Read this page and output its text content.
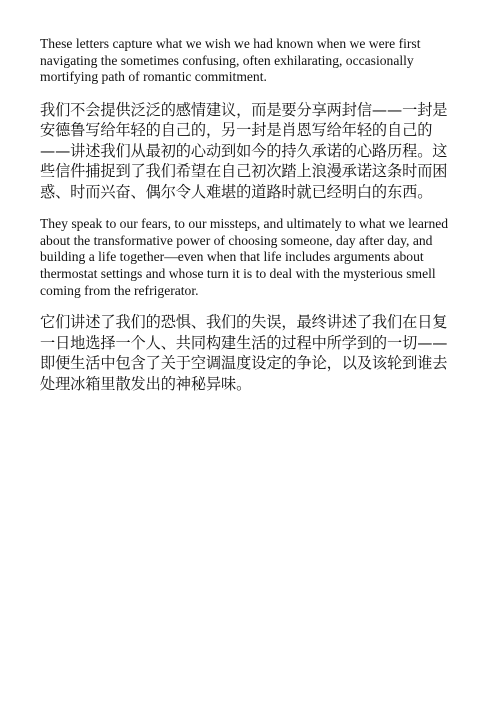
These letters capture what we wish we had known when we were first navigating the sometimes confusing, often exhilarating, occasionally mortifying path of romantic commitment.

我们不会提供泛泛的感情建议，而是要分享两封信——一封是安德鲁写给年轻的自己的，另一封是肖恩写给年轻的自己的——讲述我们从最初的心动到如今的持久承诺的心路历程。这些信件捕捉到了我们希望在自己初次踏上浪漫承诺这条时而困惑、时而兴奋、偶尔令人难堪的道路时就已经明白的东西。

They speak to our fears, to our missteps, and ultimately to what we learned about the transformative power of choosing someone, day after day, and building a life together—even when that life includes arguments about thermostat settings and whose turn it is to deal with the mysterious smell coming from the refrigerator.

它们讲述了我们的恐惧、我们的失误，最终讲述了我们在日复一日地选择一个人、共同构建生活的过程中所学到的一切——即便生活中包含了关于空调温度设定的争论，以及该轮到谁去处理冰箱里散发出的神秘异味。
